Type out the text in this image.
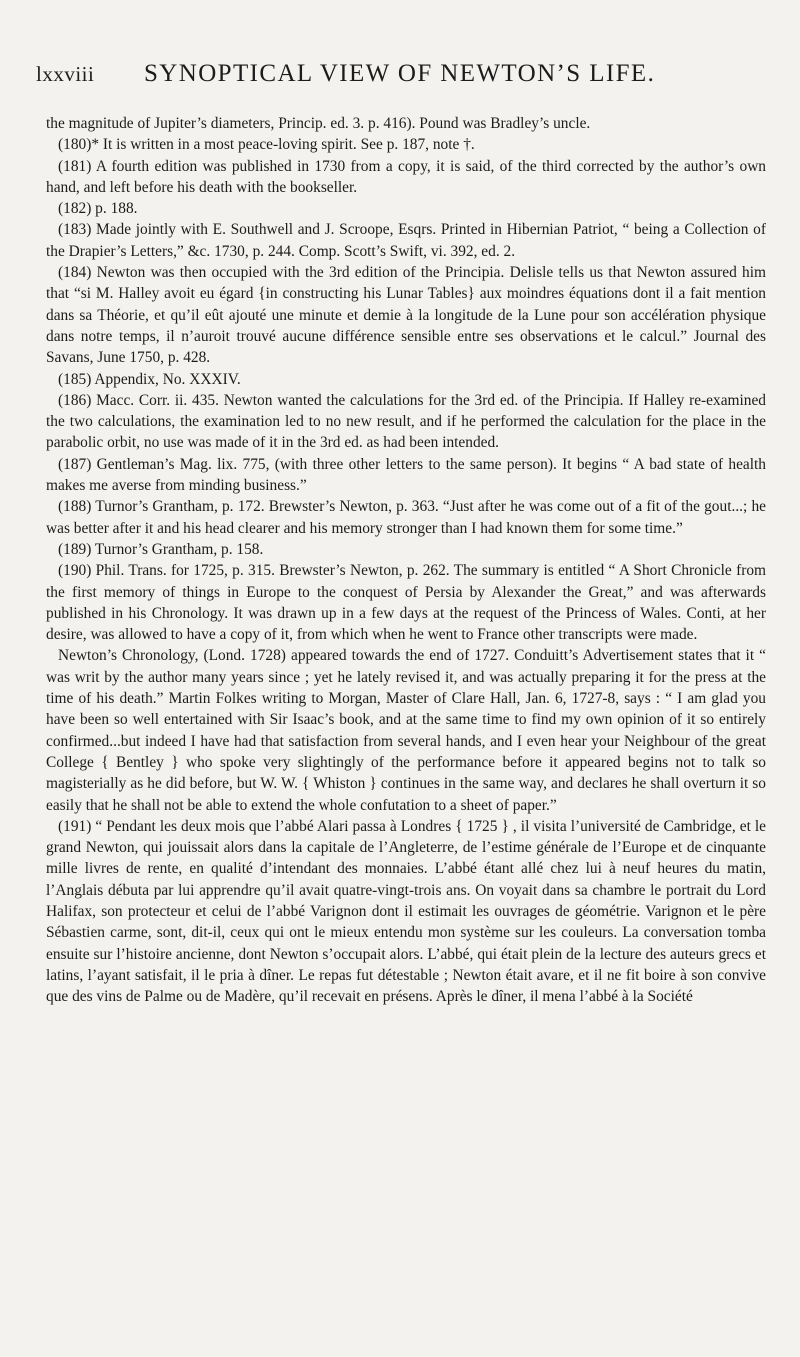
lxxviii SYNOPTICAL VIEW OF NEWTON’S LIFE.

the magnitude of Jupiter’s diameters, Princip. ed. 3. p. 416). Pound was Bradley’s uncle.

(180)* It is written in a most peace-loving spirit. See p. 187, note †.

(181) A fourth edition was published in 1730 from a copy, it is said, of the third corrected by the author’s own hand, and left before his death with the bookseller.

(182) p. 188.

(183) Made jointly with E. Southwell and J. Scroope, Esqrs. Printed in Hibernian Patriot, “ being a Collection of the Drapier’s Letters,” &c. 1730, p. 244. Comp. Scott’s Swift, vi. 392, ed. 2.

(184) Newton was then occupied with the 3rd edition of the Principia. Delisle tells us that Newton assured him that “si M. Halley avoit eu égard {in constructing his Lunar Tables} aux moindres équations dont il a fait mention dans sa Théorie, et qu’il eût ajouté une minute et demie à la longitude de la Lune pour son accélération physique dans notre temps, il n’auroit trouvé aucune différence sensible entre ses observations et le calcul.” Journal des Savans, June 1750, p. 428.

(185) Appendix, No. XXXIV.

(186) Macc. Corr. ii. 435. Newton wanted the calculations for the 3rd ed. of the Principia. If Halley re-examined the two calculations, the examination led to no new result, and if he performed the calculation for the place in the parabolic orbit, no use was made of it in the 3rd ed. as had been intended.

(187) Gentleman’s Mag. lix. 775, (with three other letters to the same person). It begins “ A bad state of health makes me averse from minding business.”

(188) Turnor’s Grantham, p. 172. Brewster’s Newton, p. 363. “Just after he was come out of a fit of the gout...; he was better after it and his head clearer and his memory stronger than I had known them for some time.”

(189) Turnor’s Grantham, p. 158.

(190) Phil. Trans. for 1725, p. 315. Brewster’s Newton, p. 262. The summary is entitled “ A Short Chronicle from the first memory of things in Europe to the conquest of Persia by Alexander the Great,” and was afterwards published in his Chronology. It was drawn up in a few days at the request of the Princess of Wales. Conti, at her desire, was allowed to have a copy of it, from which when he went to France other transcripts were made.

Newton’s Chronology, (Lond. 1728) appeared towards the end of 1727. Conduitt’s Advertisement states that it “ was writ by the author many years since ; yet he lately revised it, and was actually preparing it for the press at the time of his death.” Martin Folkes writing to Morgan, Master of Clare Hall, Jan. 6, 1727-8, says : “ I am glad you have been so well entertained with Sir Isaac’s book, and at the same time to find my own opinion of it so entirely confirmed...but indeed I have had that satisfaction from several hands, and I even hear your Neighbour of the great College { Bentley } who spoke very slightingly of the performance before it appeared begins not to talk so magisterially as he did before, but W. W. { Whiston } continues in the same way, and declares he shall overturn it so easily that he shall not be able to extend the whole confutation to a sheet of paper.”

(191) “ Pendant les deux mois que l’abbé Alari passa à Londres { 1725 } , il visita l’université de Cambridge, et le grand Newton, qui jouissait alors dans la capitale de l’Angleterre, de l’estime générale de l’Europe et de cinquante mille livres de rente, en qualité d’intendant des monnaies. L’abbé étant allé chez lui à neuf heures du matin, l’Anglais débuta par lui apprendre qu’il avait quatre-vingt-trois ans. On voyait dans sa chambre le portrait du Lord Halifax, son protecteur et celui de l’abbé Varignon dont il estimait les ouvrages de géométrie. Varignon et le père Sébastien carme, sont, dit-il, ceux qui ont le mieux entendu mon système sur les couleurs. La conversation tomba ensuite sur l’histoire ancienne, dont Newton s’occupait alors. L’abbé, qui était plein de la lecture des auteurs grecs et latins, l’ayant satisfait, il le pria à dîner. Le repas fut détestable ; Newton était avare, et il ne fit boire à son convive que des vins de Palme ou de Madère, qu’il recevait en présens. Après le dîner, il mena l’abbé à la Société
